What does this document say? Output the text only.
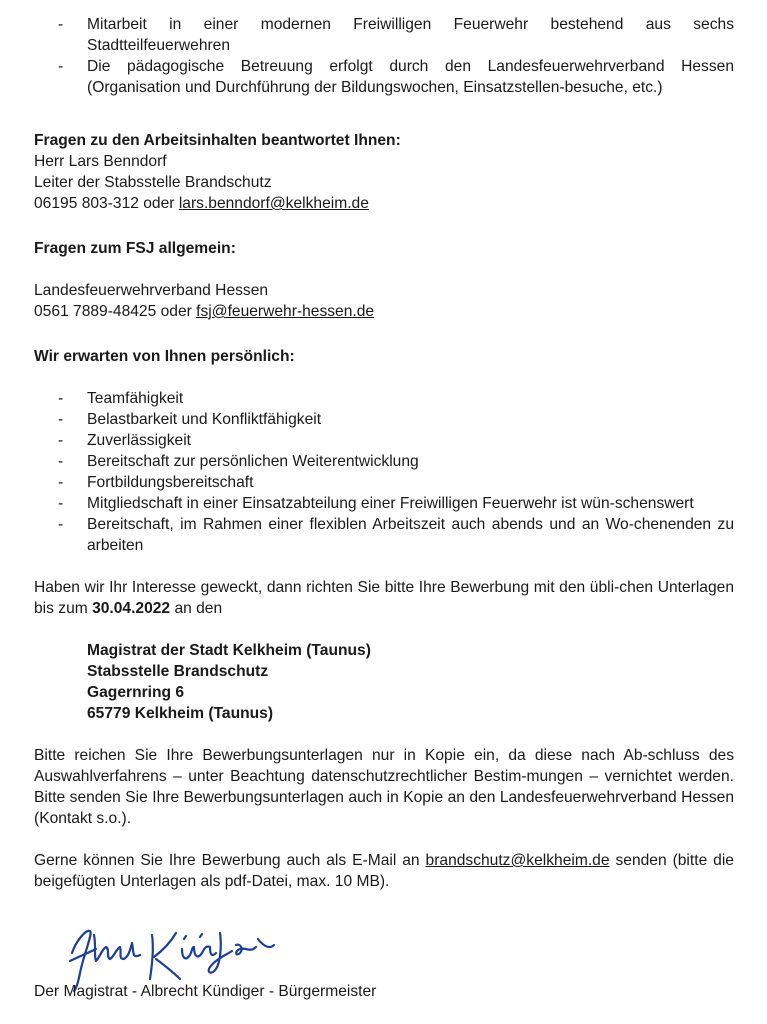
- Mitarbeit in einer modernen Freiwilligen Feuerwehr bestehend aus sechs Stadtteilfeuerwehren
- Die pädagogische Betreuung erfolgt durch den Landesfeuerwehrverband Hessen (Organisation und Durchführung der Bildungswochen, Einsatzstellen-besuche, etc.)
Fragen zu den Arbeitsinhalten beantwortet Ihnen:
Herr Lars Benndorf
Leiter der Stabsstelle Brandschutz
06195 803-312 oder lars.benndorf@kelkheim.de
Fragen zum FSJ allgemein:
Landesfeuerwehrverband Hessen
0561 7889-48425 oder fsj@feuerwehr-hessen.de
Wir erwarten von Ihnen persönlich:
- Teamfähigkeit
- Belastbarkeit und Konfliktfähigkeit
- Zuverlässigkeit
- Bereitschaft zur persönlichen Weiterentwicklung
- Fortbildungsbereitschaft
- Mitgliedschaft in einer Einsatzabteilung einer Freiwilligen Feuerwehr ist wün-schenswert
- Bereitschaft, im Rahmen einer flexiblen Arbeitszeit auch abends und an Wo-chenenden zu arbeiten

Haben wir Ihr Interesse geweckt, dann richten Sie bitte Ihre Bewerbung mit den übli-chen Unterlagen bis zum 30.04.2022 an den

Magistrat der Stadt Kelkheim (Taunus)
Stabsstelle Brandschutz
Gagernring 6
65779 Kelkheim (Taunus)

Bitte reichen Sie Ihre Bewerbungsunterlagen nur in Kopie ein, da diese nach Ab-schluss des Auswahlverfahrens – unter Beachtung datenschutzrechtlicher Bestim-mungen – vernichtet werden. Bitte senden Sie Ihre Bewerbungsunterlagen auch in Kopie an den Landesfeuerwehrverband Hessen (Kontakt s.o.).

Gerne können Sie Ihre Bewerbung auch als E-Mail an brandschutz@kelkheim.de senden (bitte die beigefügten Unterlagen als pdf-Datei, max. 10 MB).

Der Magistrat - Albrecht Kündiger - Bürgermeister
